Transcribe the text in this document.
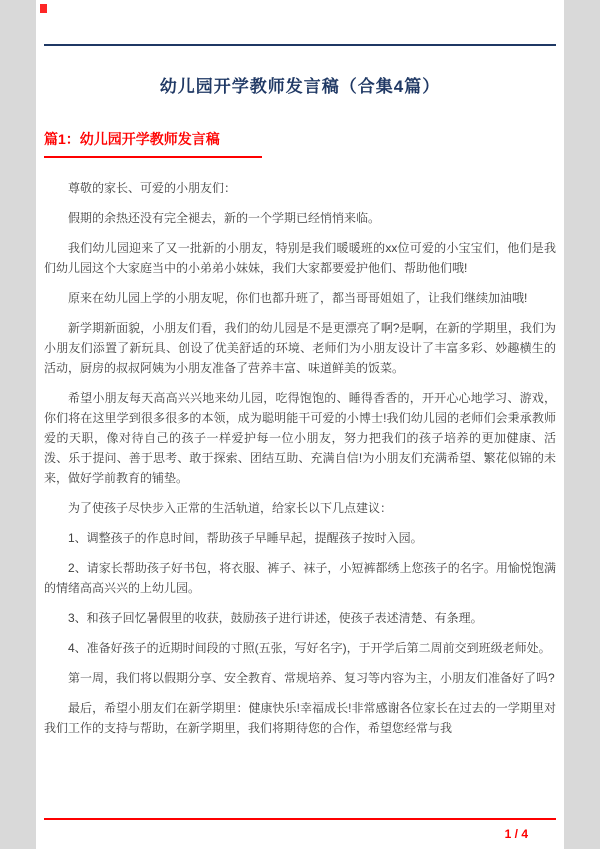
幼儿园开学教师发言稿（合集4篇）
篇1：幼儿园开学教师发言稿

尊敬的家长、可爱的小朋友们：

假期的余热还没有完全褪去，新的一个学期已经悄悄来临。

我们幼儿园迎来了又一批新的小朋友，特别是我们暖暖班的xx位可爱的小宝宝们，他们是我们幼儿园这个大家庭当中的小弟弟小妹妹，我们大家都要爱护他们、帮助他们哦!

原来在幼儿园上学的小朋友呢，你们也都升班了，都当哥哥姐姐了，让我们继续加油哦!

新学期新面貌，小朋友们看，我们的幼儿园是不是更漂亮了啊?是啊，在新的学期里，我们为小朋友们添置了新玩具、创设了优美舒适的环境、老师们为小朋友设计了丰富多彩、妙趣横生的活动，厨房的叔叔阿姨为小朋友准备了营养丰富、味道鲜美的饭菜。

希望小朋友每天高高兴兴地来幼儿园，吃得饱饱的、睡得香香的，开开心心地学习、游戏，你们将在这里学到很多很多的本领，成为聪明能干可爱的小博士!我们幼儿园的老师们会秉承教师爱的天职，像对待自己的孩子一样爱护每一位小朋友，努力把我们的孩子培养的更加健康、活泼、乐于提问、善于思考、敢于探索、团结互助、充满自信!为小朋友们充满希望、繁花似锦的未来，做好学前教育的铺垫。

为了使孩子尽快步入正常的生活轨道，给家长以下几点建议：

1、调整孩子的作息时间，帮助孩子早睡早起，提醒孩子按时入园。

2、请家长帮助孩子好书包，将衣服、裤子、袜子，小短裤都绣上您孩子的名字。用愉悦饱满的情绪高高兴兴的上幼儿园。

3、和孩子回忆暑假里的收获，鼓励孩子进行讲述，使孩子表述清楚、有条理。

4、准备好孩子的近期时间段的寸照(五张，写好名字)，于开学后第二周前交到班级老师处。

第一周，我们将以假期分享、安全教育、常规培养、复习等内容为主，小朋友们准备好了吗?

最后，希望小朋友们在新学期里：健康快乐!幸福成长!非常感谢各位家长在过去的一学期里对我们工作的支持与帮助，在新学期里，我们将期待您的合作，希望您经常与我

1 / 4
